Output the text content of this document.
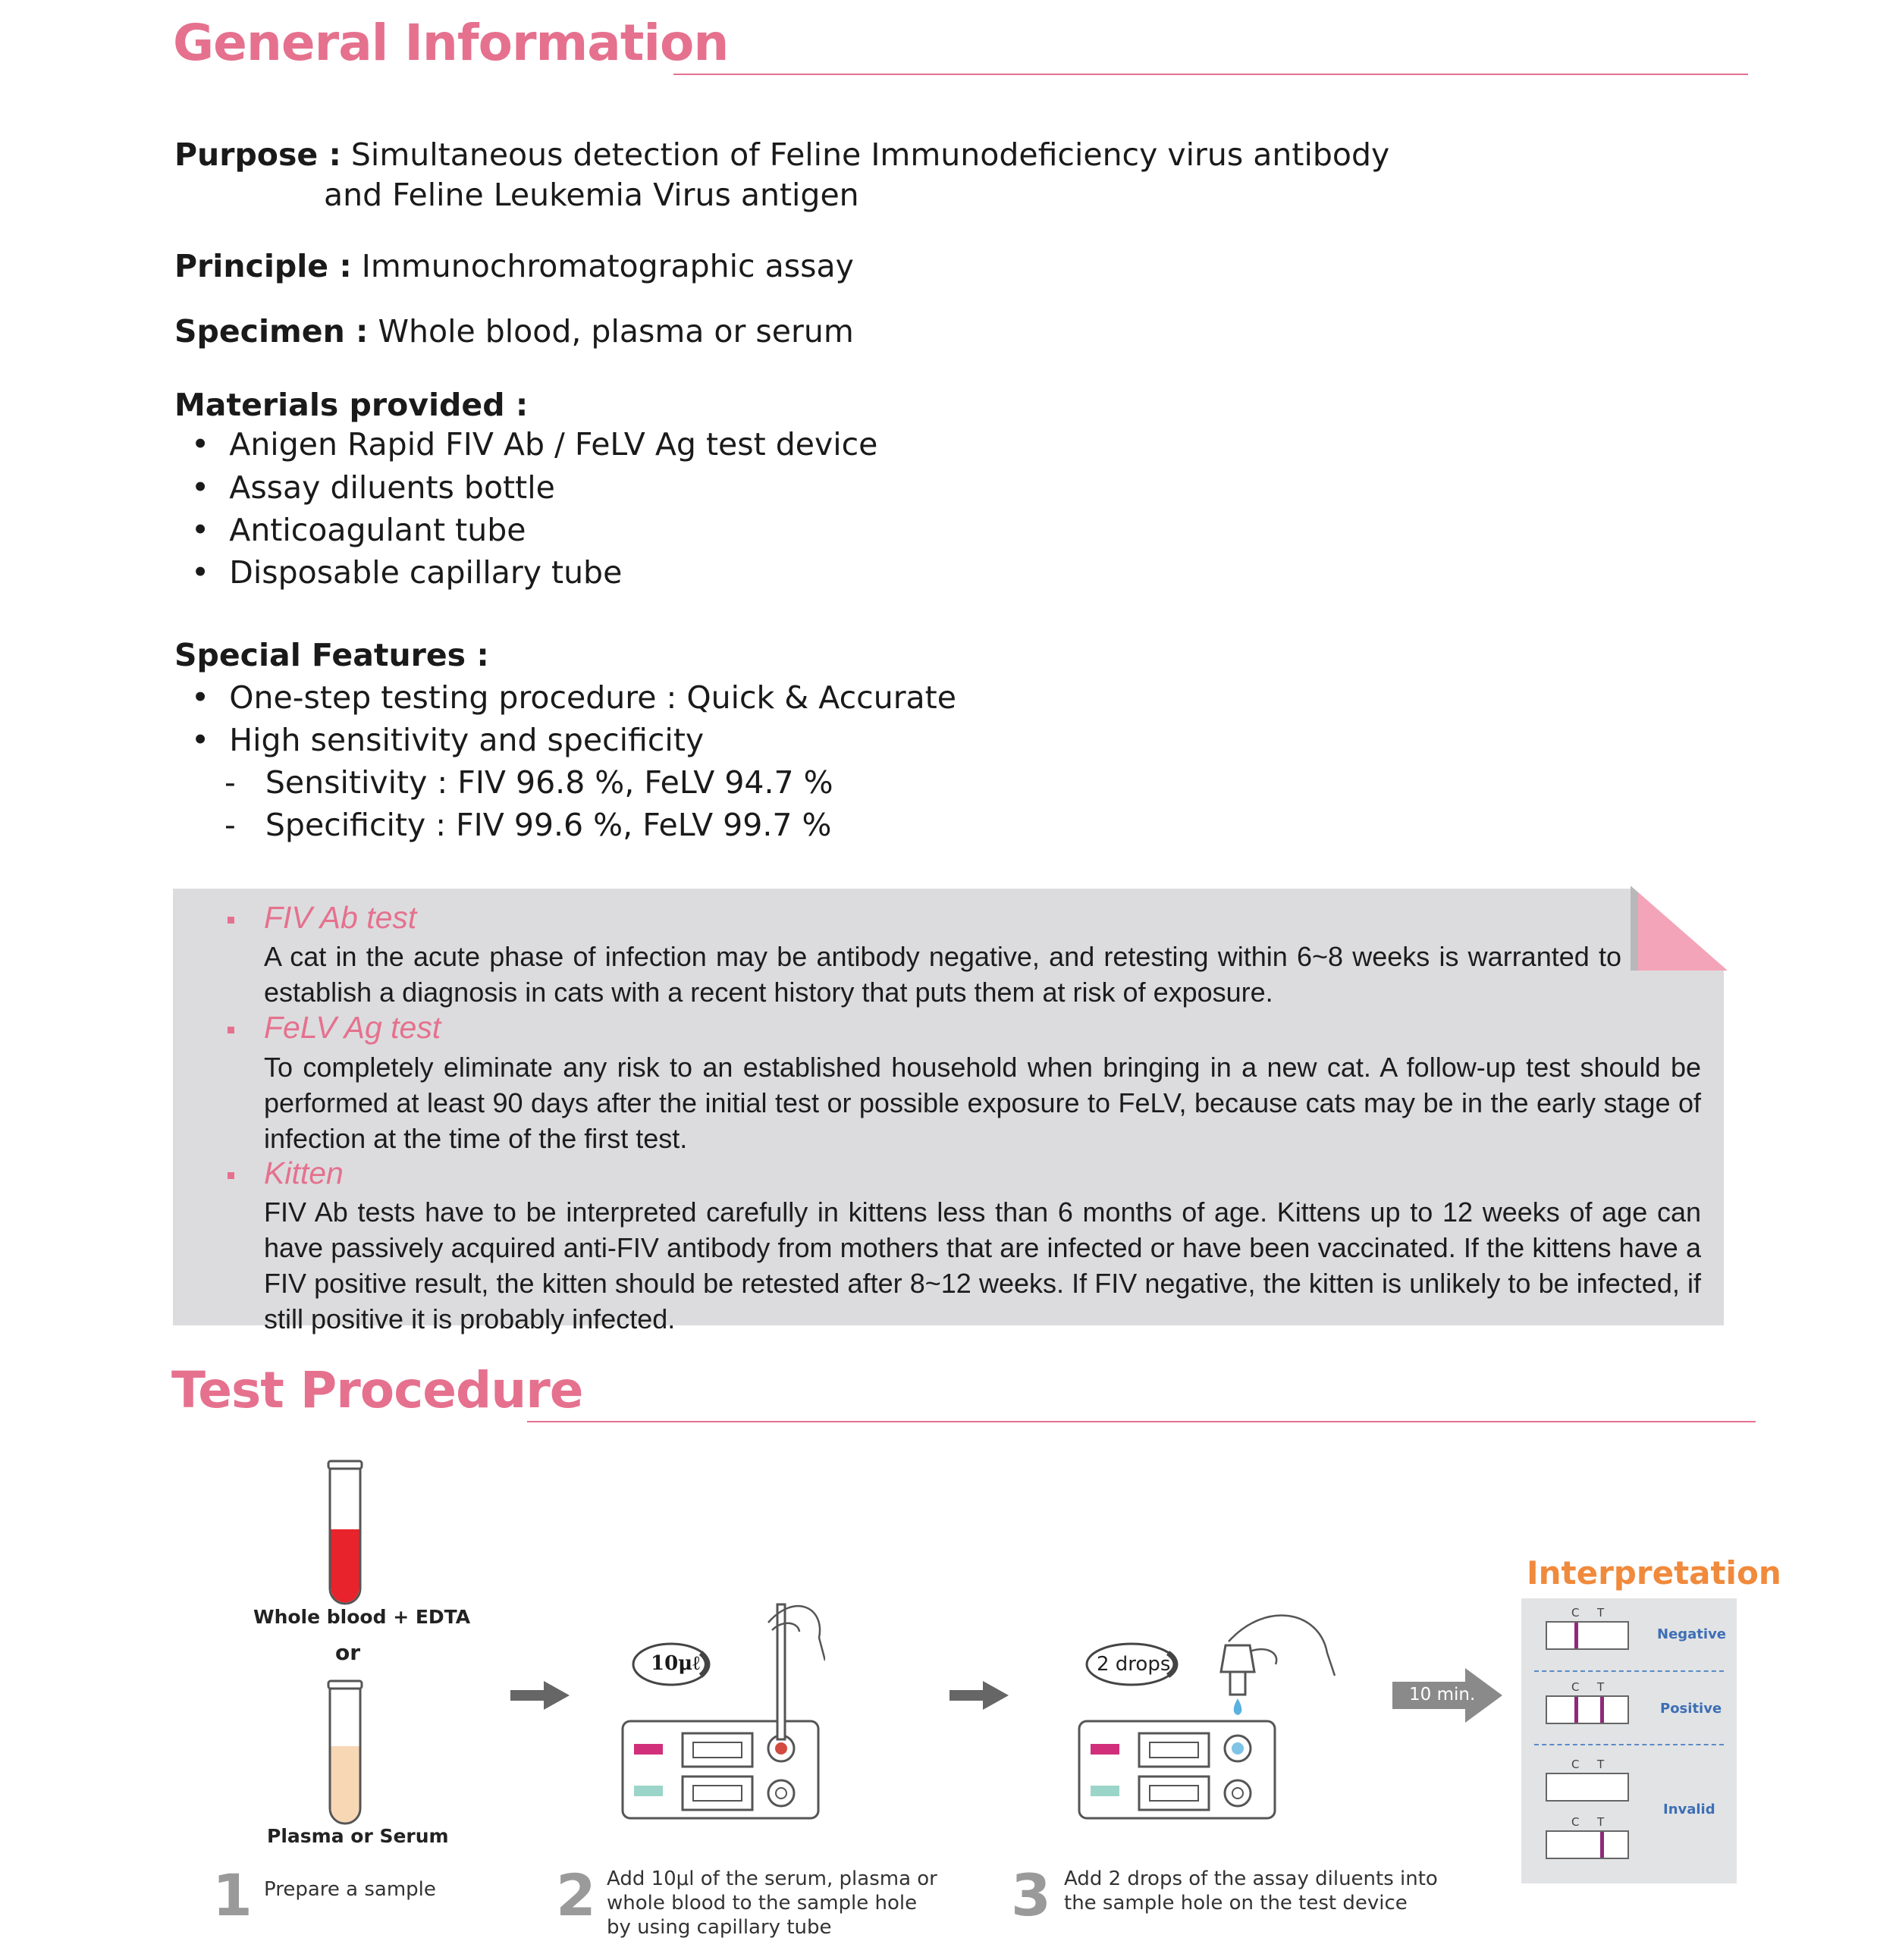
General Information
Purpose : Simultaneous detection of Feline Immunodeficiency virus antibody
and Feline Leukemia Virus antigen
Principle : Immunochromatographic assay
Specimen : Whole blood, plasma or serum
Materials provided :
• Anigen Rapid FIV Ab / FeLV Ag test device
• Assay diluents bottle
• Anticoagulant tube
• Disposable capillary tube
Special Features :
• One-step testing procedure : Quick & Accurate
• High sensitivity and specificity
- Sensitivity : FIV 96.8 %, FeLV 94.7 %
- Specificity : FIV 99.6 %, FeLV 99.7 %
FIV Ab test
A cat in the acute phase of infection may be antibody negative, and retesting within 6~8 weeks is warranted to establish a diagnosis in cats with a recent history that puts them at risk of exposure.
FeLV Ag test
To completely eliminate any risk to an established household when bringing in a new cat. A follow-up test should be performed at least 90 days after the initial test or possible exposure to FeLV, because cats may be in the early stage of infection at the time of the first test.
Kitten
FIV Ab tests have to be interpreted carefully in kittens less than 6 months of age. Kittens up to 12 weeks of age can have passively acquired anti-FIV antibody from mothers that are infected or have been vaccinated. If the kittens have a FIV positive result, the kitten should be retested after 8~12 weeks. If FIV negative, the kitten is unlikely to be infected, if still positive it is probably infected.
Test Procedure
Whole blood + EDTA
or
Plasma or Serum
1 Prepare a sample
10μℓ
2 Add 10μl of the serum, plasma or
whole blood to the sample hole
by using capillary tube
2 drops
3 Add 2 drops of the assay diluents into
the sample hole on the test device
10 min.
Interpretation
C T
Negative
C T
Positive
C T
Invalid
C T
